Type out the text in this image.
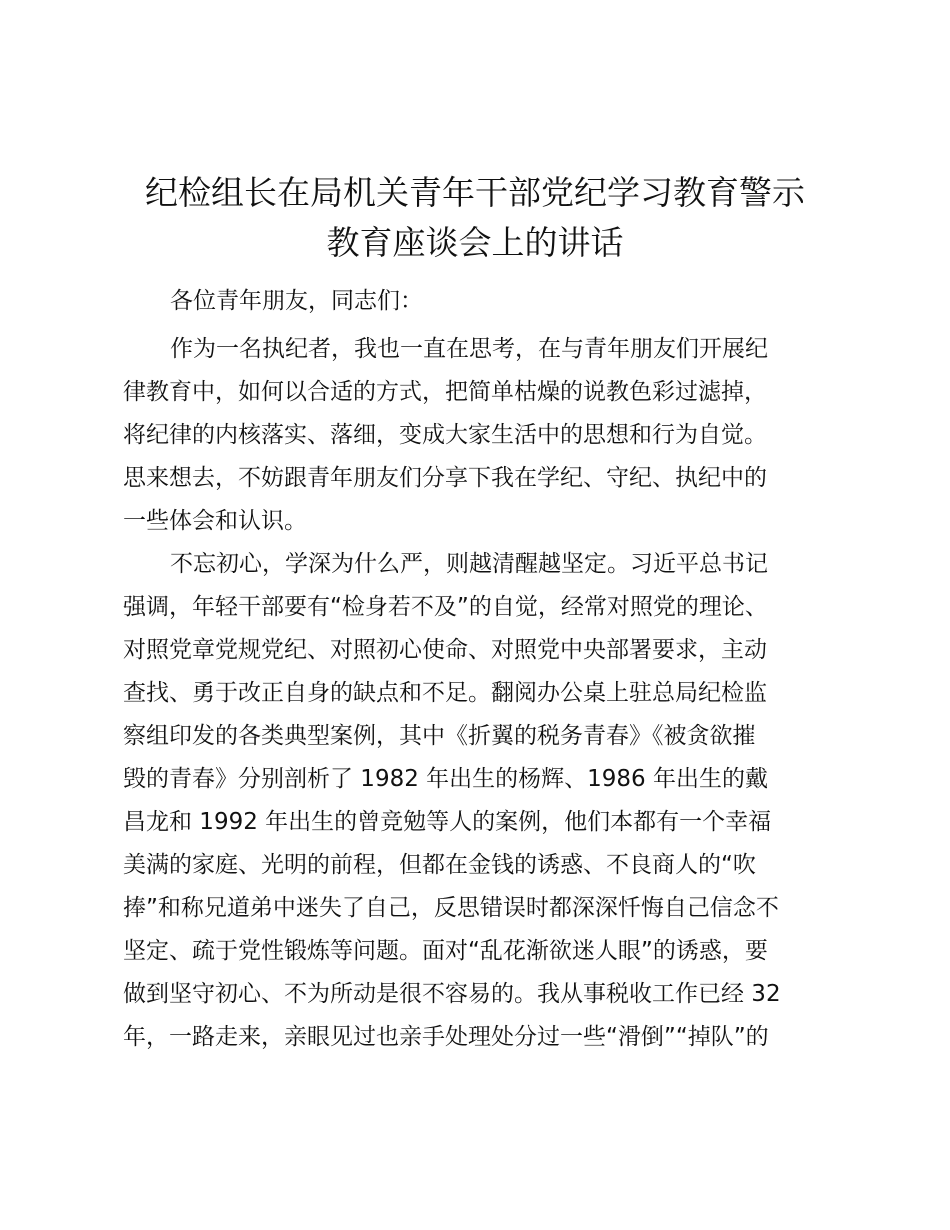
纪检组长在局机关青年干部党纪学习教育警示
教育座谈会上的讲话

各位青年朋友，同志们：

作为一名执纪者，我也一直在思考，在与青年朋友们开展纪

律教育中，如何以合适的方式，把简单枯燥的说教色彩过滤掉，

将纪律的内核落实、落细，变成大家生活中的思想和行为自觉。

思来想去，不妨跟青年朋友们分享下我在学纪、守纪、执纪中的

一些体会和认识。

不忘初心，学深为什么严，则越清醒越坚定。习近平总书记

强调，年轻干部要有“检身若不及”的自觉，经常对照党的理论、

对照党章党规党纪、对照初心使命、对照党中央部署要求，主动

查找、勇于改正自身的缺点和不足。翻阅办公桌上驻总局纪检监

察组印发的各类典型案例，其中《折翼的税务青春》《被贪欲摧

毁的青春》分别剖析了 1982 年出生的杨辉、1986 年出生的戴

昌龙和 1992 年出生的曾竞勉等人的案例，他们本都有一个幸福

美满的家庭、光明的前程，但都在金钱的诱惑、不良商人的“吹

捧”和称兄道弟中迷失了自己，反思错误时都深深忏悔自己信念不

坚定、疏于党性锻炼等问题。面对“乱花渐欲迷人眼”的诱惑，要

做到坚守初心、不为所动是很不容易的。我从事税收工作已经 32

年，一路走来，亲眼见过也亲手处理处分过一些“滑倒”“掉队”的
